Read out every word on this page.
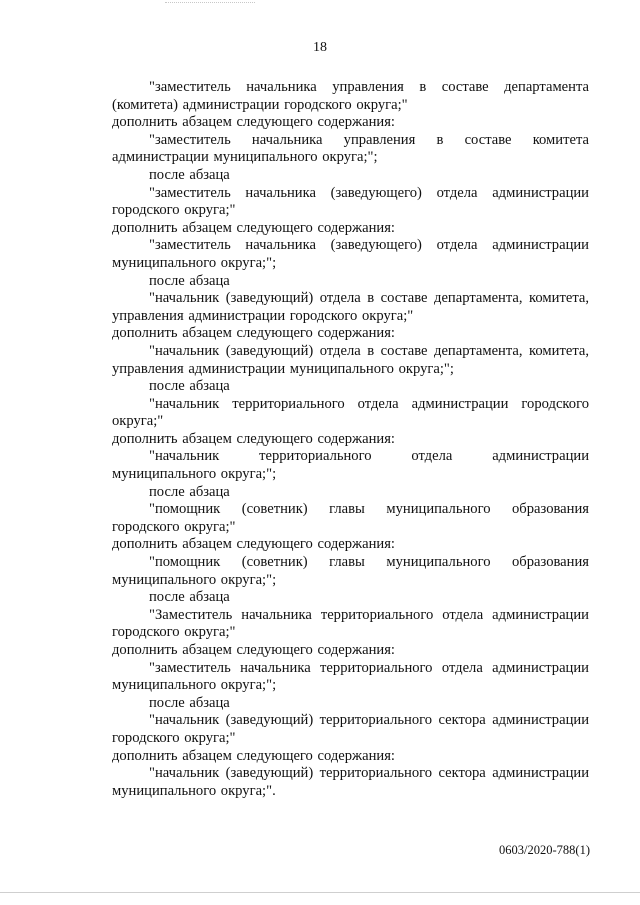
18

"заместитель начальника управления в составе департамента (комитета) администрации городского округа;"

дополнить абзацем следующего содержания:

"заместитель начальника управления в составе комитета администрации муниципального округа;";

после абзаца

"заместитель начальника (заведующего) отдела администрации городского округа;"

дополнить абзацем следующего содержания:

"заместитель начальника (заведующего) отдела администрации муниципального округа;";

после абзаца

"начальник (заведующий) отдела в составе департамента, комитета, управления администрации городского округа;"

дополнить абзацем следующего содержания:

"начальник (заведующий) отдела в составе департамента, комитета, управления администрации муниципального округа;";

после абзаца

"начальник территориального отдела администрации городского округа;"

дополнить абзацем следующего содержания:

"начальник территориального отдела администрации муниципального округа;";

после абзаца

"помощник (советник) главы муниципального образования городского округа;"

дополнить абзацем следующего содержания:

"помощник (советник) главы муниципального образования муниципального округа;";

после абзаца

"Заместитель начальника территориального отдела администрации городского округа;"

дополнить абзацем следующего содержания:

"заместитель начальника территориального отдела администрации муниципального округа;";

после абзаца

"начальник (заведующий) территориального сектора администрации городского округа;"

дополнить абзацем следующего содержания:

"начальник (заведующий) территориального сектора администрации муниципального округа;".

0603/2020-788(1)
